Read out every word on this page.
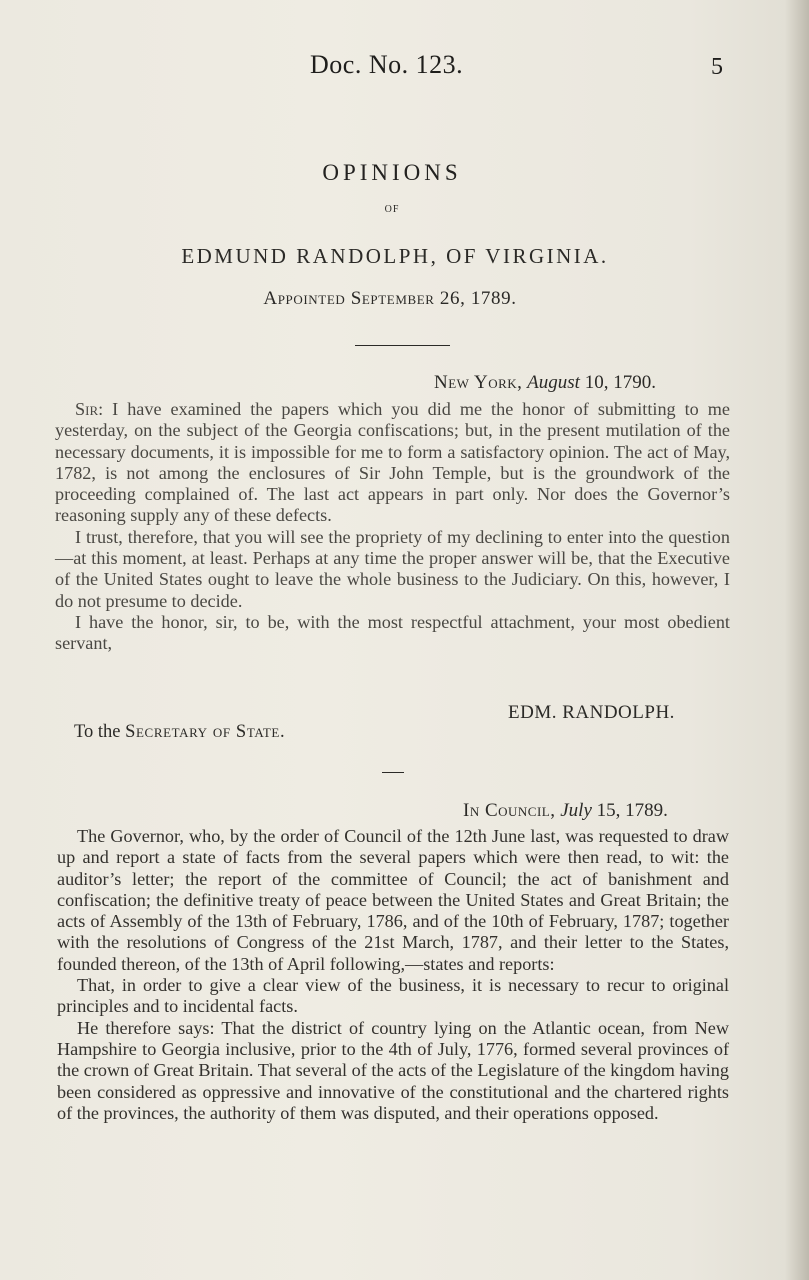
Doc. No. 123.	5
OPINIONS
OF
EDMUND RANDOLPH, OF VIRGINIA.
Appointed September 26, 1789.
New York, August 10, 1790.

Sir: I have examined the papers which you did me the honor of submitting to me yesterday, on the subject of the Georgia confiscations; but, in the present mutilation of the necessary documents, it is impossible for me to form a satisfactory opinion. The act of May, 1782, is not among the enclosures of Sir John Temple, but is the groundwork of the proceeding complained of. The last act appears in part only. Nor does the Governor’s reasoning supply any of these defects.

I trust, therefore, that you will see the propriety of my declining to enter into the question—at this moment, at least. Perhaps at any time the proper answer will be, that the Executive of the United States ought to leave the whole business to the Judiciary. On this, however, I do not presume to decide.

I have the honor, sir, to be, with the most respectful attachment, your most obedient servant,

EDM. RANDOLPH.
To the Secretary of State.
In Council, July 15, 1789.

The Governor, who, by the order of Council of the 12th June last, was requested to draw up and report a state of facts from the several papers which were then read, to wit: the auditor’s letter; the report of the committee of Council; the act of banishment and confiscation; the definitive treaty of peace between the United States and Great Britain; the acts of Assembly of the 13th of February, 1786, and of the 10th of February, 1787; together with the resolutions of Congress of the 21st March, 1787, and their letter to the States, founded thereon, of the 13th of April following,—states and reports:

That, in order to give a clear view of the business, it is necessary to recur to original principles and to incidental facts.

He therefore says: That the district of country lying on the Atlantic ocean, from New Hampshire to Georgia inclusive, prior to the 4th of July, 1776, formed several provinces of the crown of Great Britain. That several of the acts of the Legislature of the kingdom having been considered as oppressive and innovative of the constitutional and the chartered rights of the provinces, the authority of them was disputed, and their operations opposed.
